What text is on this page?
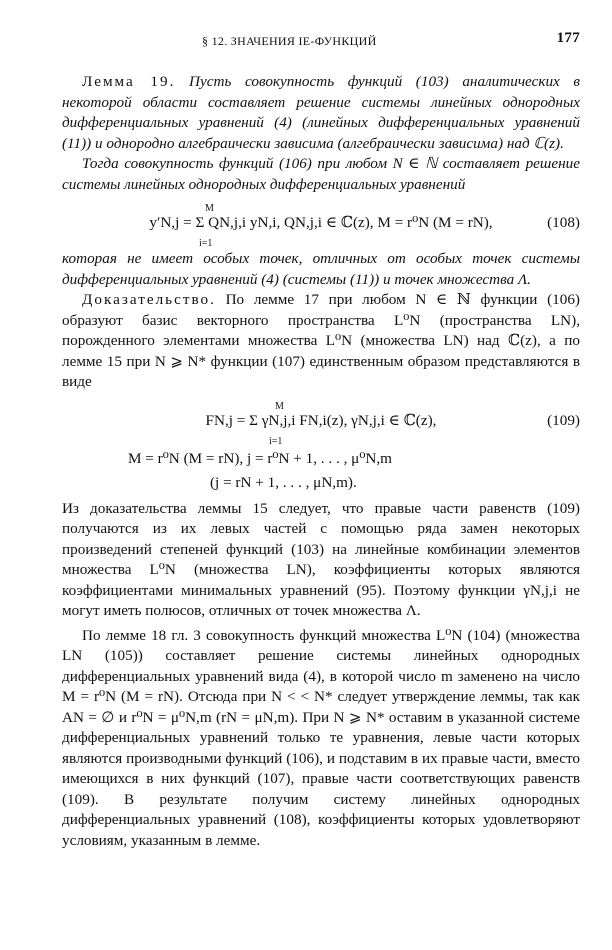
§ 12. ЗНАЧЕНИЯ IE-ФУНКЦИЙ	177

Лемма 19. Пусть совокупность функций (103) аналитических в некоторой области составляет решение системы линейных однородных дифференциальных уравнений (4) (линейных дифференциальных уравнений (11)) и однородно алгебраически зависима (алгебраически зависима) над ℂ(z).

Тогда совокупность функций (106) при любом N ∈ ℕ составляет решение системы линейных однородных дифференциальных уравнений

M
y′N,j = Σ QN,j,i yN,i, QN,j,i ∈ ℂ(z), M = r⁰N (M = rN),
i=1
(108)

которая не имеет особых точек, отличных от особых точек системы дифференциальных уравнений (4) (системы (11)) и точек множества Λ.

Доказательство. По лемме 17 при любом N ∈ ℕ функции (106) образуют базис векторного пространства L⁰N (пространства LN), порожденного элементами множества L⁰N (множества LN) над ℂ(z), а по лемме 15 при N ⩾ N* функции (107) единственным образом представляются в виде

M
FN,j = Σ γN,j,i FN,i(z), γN,j,i ∈ ℂ(z),
i=1
(109)
M = r⁰N (M = rN), j = r⁰N + 1, . . . , μ⁰N,m
(j = rN + 1, . . . , μN,m).

Из доказательства леммы 15 следует, что правые части равенств (109) получаются из их левых частей с помощью ряда замен некоторых произведений степеней функций (103) на линейные комбинации элементов множества L⁰N (множества LN), коэффициенты которых являются коэффициентами минимальных уравнений (95). Поэтому функции γN,j,i не могут иметь полюсов, отличных от точек множества Λ.

По лемме 18 гл. 3 совокупность функций множества L⁰N (104) (множества LN (105)) составляет решение системы линейных однородных дифференциальных уравнений вида (4), в которой число m заменено на число M = r⁰N (M = rN). Отсюда при N < < N* следует утверждение леммы, так как AN = ∅ и r⁰N = μ⁰N,m (rN = μN,m). При N ⩾ N* оставим в указанной системе дифференциальных уравнений только те уравнения, левые части которых являются производными функций (106), и подставим в их правые части, вместо имеющихся в них функций (107), правые части соответствующих равенств (109). В результате получим систему линейных однородных дифференциальных уравнений (108), коэффициенты которых удовлетворяют условиям, указанным в лемме.
